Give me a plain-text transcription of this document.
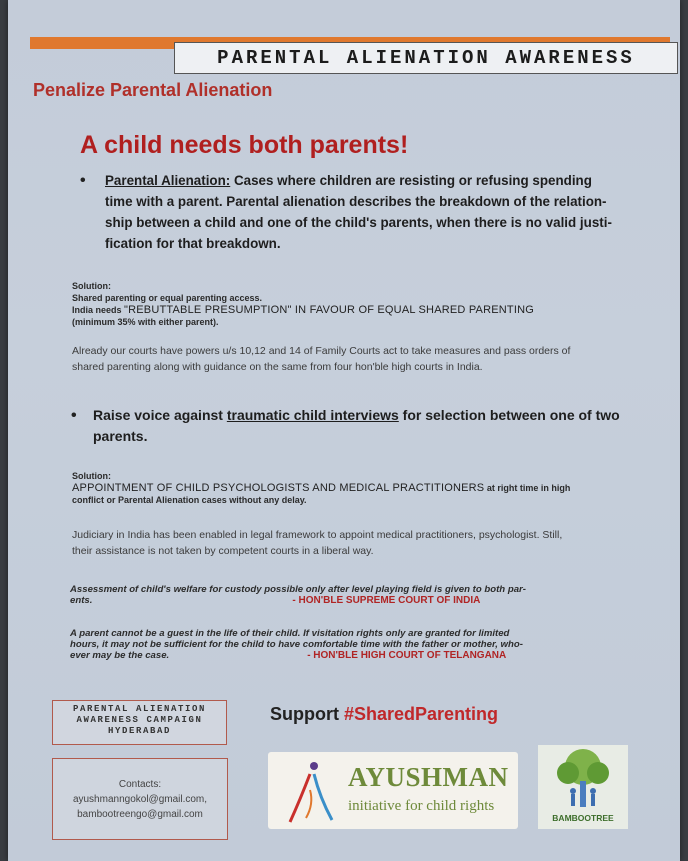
PARENTAL ALIENATION AWARENESS
Penalize Parental Alienation
A child needs both parents!
• Parental Alienation: Cases where children are resisting or refusing spending
time with a parent. Parental alienation describes the breakdown of the relation-
ship between a child and one of the child's parents, when there is no valid justi-
fication for that breakdown.
Solution:
Shared parenting or equal parenting access.
India needs "REBUTTABLE PRESUMPTION" IN FAVOUR OF EQUAL SHARED PARENTING
(minimum 35% with either parent).
Already our courts have powers u/s 10,12 and 14 of Family Courts act to take measures and pass orders of
shared parenting along with guidance on the same from four hon'ble high courts in India.
• Raise voice against traumatic child interviews for selection between one of two
parents.
Solution:
APPOINTMENT OF CHILD PSYCHOLOGISTS AND MEDICAL PRACTITIONERS at right time in high
conflict or Parental Alienation cases without any delay.
Judiciary in India has been enabled in legal framework to appoint medical practitioners, psychologist. Still,
their assistance is not taken by competent courts in a liberal way.
Assessment of child's welfare for custody possible only after level playing field is given to both par-
ents.	- HON'BLE SUPREME COURT OF INDIA
A parent cannot be a guest in the life of their child. If visitation rights only are granted for limited
hours, it may not be sufficient for the child to have comfortable time with the father or mother, who-
ever may be the case.	- HON'BLE HIGH COURT OF TELANGANA
PARENTAL ALIENATION
AWARENESS CAMPAIGN
HYDERABAD
Support #SharedParenting
Contacts:
ayushmanngokol@gmail.com,
bambootreengo@gmail.com
AYUSHMAN
initiative for child rights
BAMBOOTREE
